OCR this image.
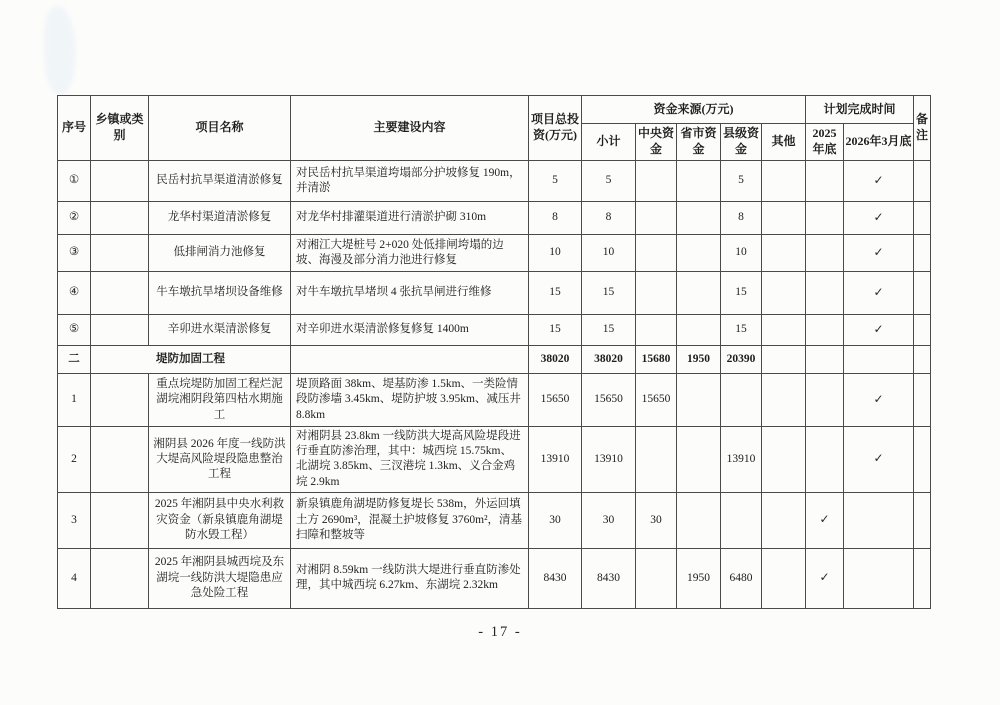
序号	乡镇或类别	项目名称	主要建设内容	项目总投资(万元)	资金来源(万元)					计划完成时间		备注
					小计	中央资金	省市资金	县级资金	其他	2025年底	2026年3月底	
①		民岳村抗旱渠道清淤修复	对民岳村抗旱渠道垮塌部分护坡修复 190m，并清淤	5	5			5			✓	
②		龙华村渠道清淤修复	对龙华村排灌渠道进行清淤护砌 310m	8	8			8			✓	
③		低排闸消力池修复	对湘江大堤桩号 2+020 处低排闸垮塌的边坡、海漫及部分消力池进行修复	10	10			10			✓	
④		牛车墩抗旱堵坝设备维修	对牛车墩抗旱堵坝 4 张抗旱闸进行维修	15	15			15			✓	
⑤		辛卯进水渠清淤修复	对辛卯进水渠清淤修复修复 1400m	15	15			15			✓	
二	堤防加固工程			38020	38020	15680	1950	20390				
1		重点垸堤防加固工程烂泥湖垸湘阴段第四枯水期施工	堤顶路面 38km、堤基防渗 1.5km、一类险情段防渗墙 3.45km、堤防护坡 3.95km、减压井 8.8km	15650	15650	15650					✓	
2		湘阴县 2026 年度一线防洪大堤高风险堤段隐患整治工程	对湘阴县 23.8km 一线防洪大堤高风险堤段进行垂直防渗治理，其中：城西垸 15.75km、北湖垸 3.85km、三汊港垸 1.3km、义合金鸡垸 2.9km	13910	13910			13910			✓	
3		2025 年湘阴县中央水利救灾资金（新泉镇鹿角湖堤防水毁工程）	新泉镇鹿角湖堤防修复堤长 538m，外运回填土方 2690m³，混凝土护坡修复 3760m²，清基扫障和整坡等	30	30	30				✓		
4		2025 年湘阴县城西垸及东湖垸一线防洪大堤隐患应急处险工程	对湘阴 8.59km 一线防洪大堤进行垂直防渗处理，其中城西垸 6.27km、东湖垸 2.32km	8430	8430		1950	6480		✓		
- 17 -
